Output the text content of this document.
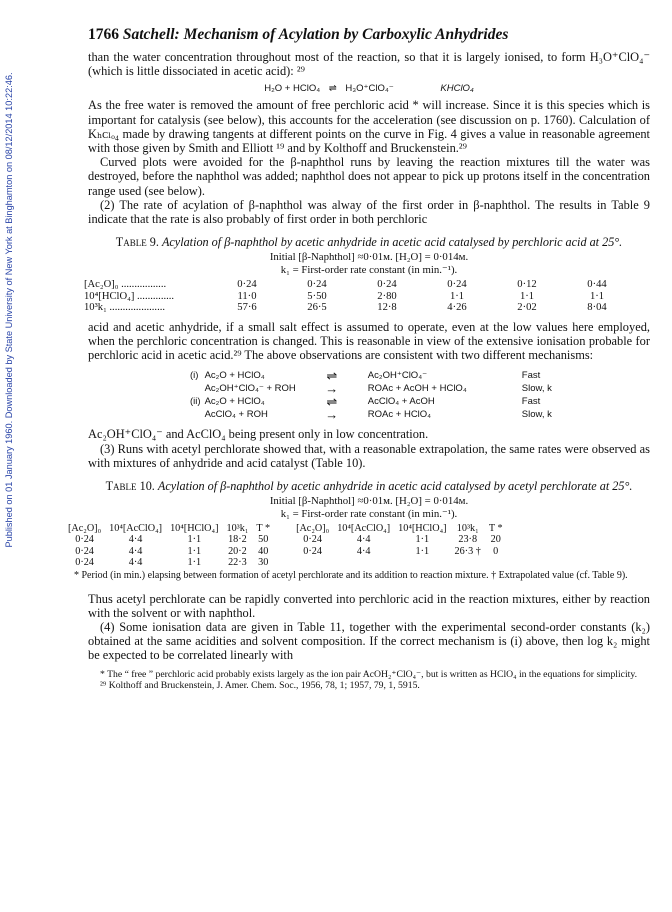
Published on 01 January 1960. Downloaded by State University of New York at Binghamton on 08/12/2014 10:22:46.
1766 Satchell: Mechanism of Acylation by Carboxylic Anhydrides

than the water concentration throughout most of the reaction, so that it is largely ionised, to form H₃O⁺ClO₄⁻ (which is little dissociated in acetic acid): ²⁹

H₂O + HClO₄ ⇌ H₃O⁺ClO₄⁻	KHClO₄

As the free water is removed the amount of free perchloric acid * will increase. Since it is this species which is important for catalysis (see below), this accounts for the acceleration (see discussion on p. 1760). Calculation of Kₕᴄₗₒ₄ made by drawing tangents at different points on the curve in Fig. 4 gives a value in reasonable agreement with those given by Smith and Elliott ¹⁹ and by Kolthoff and Bruckenstein.²⁹

Curved plots were avoided for the β-naphthol runs by leaving the reaction mixtures till the water was destroyed, before the naphthol was added; naphthol does not appear to pick up protons itself in the concentration range used (see below).

(2) The rate of acylation of β-naphthol was alway of the first order in β-naphthol. The results in Table 9 indicate that the rate is also probably of first order in both perchloric

Table 9. Acylation of β-naphthol by acetic anhydride in acetic acid catalysed by perchloric acid at 25°.
Initial [β-Naphthol] ≈0·01м. [H₂O] = 0·014м.
k₁ = First-order rate constant (in min.⁻¹).
[Ac₂O]₀ .................	0·24	0·24	0·24	0·24	0·12	0·44
10⁴[HClO₄] ..............	11·0	5·50	2·80	1·1	1·1	1·1
10³k₁ .....................	57·6	26·5	12·8	4·26	2·02	8·04

acid and acetic anhydride, if a small salt effect is assumed to operate, even at the low values here employed, when the perchloric concentration is changed. This is reasonable in view of the extensive ionisation probable for perchloric acid in acetic acid.²⁹ The above observations are consistent with two different mechanisms:

(i)	Ac₂O + HClO₄	⇌	Ac₂OH⁺ClO₄⁻	Fast
	Ac₂OH⁺ClO₄⁻ + ROH	→	ROAc + AcOH + HClO₄	Slow, k
(ii)	Ac₂O + HClO₄	⇌	AcClO₄ + AcOH	Fast
	AcClO₄ + ROH	→	ROAc + HClO₄	Slow, k

Ac₂OH⁺ClO₄⁻ and AcClO₄ being present only in low concentration.

(3) Runs with acetyl perchlorate showed that, with a reasonable extrapolation, the same rates were observed as with mixtures of anhydride and acid catalyst (Table 10).

Table 10. Acylation of β-naphthol by acetic anhydride in acetic acid catalysed by acetyl perchlorate at 25°.
Initial [β-Naphthol] ≈0·01м. [H₂O] = 0·014м.
k₁ = First-order rate constant (in min.⁻¹).
[Ac₂O]₀	10⁴[AcClO₄]	10⁴[HClO₄]	10³k₁	T *	[Ac₂O]₀	10⁴[AcClO₄]	10⁴[HClO₄]	10³k₁	T *
0·24	4·4	1·1	18·2	50	0·24	4·4	1·1	23·8	20
0·24	4·4	1·1	20·2	40	0·24	4·4	1·1	26·3 †	0
0·24	4·4	1·1	22·3	30					
* Period (in min.) elapsing between formation of acetyl perchlorate and its addition to reaction mixture. † Extrapolated value (cf. Table 9).

Thus acetyl perchlorate can be rapidly converted into perchloric acid in the reaction mixtures, either by reaction with the solvent or with naphthol.

(4) Some ionisation data are given in Table 11, together with the experimental second-order constants (k₂) obtained at the same acidities and solvent composition. If the correct mechanism is (i) above, then log k₂ might be expected to be correlated linearly with

* The “ free ” perchloric acid probably exists largely as the ion pair AcOH₂⁺ClO₄⁻, but is written as HClO₄ in the equations for simplicity.
²⁹ Kolthoff and Bruckenstein, J. Amer. Chem. Soc., 1956, 78, 1; 1957, 79, 1, 5915.
